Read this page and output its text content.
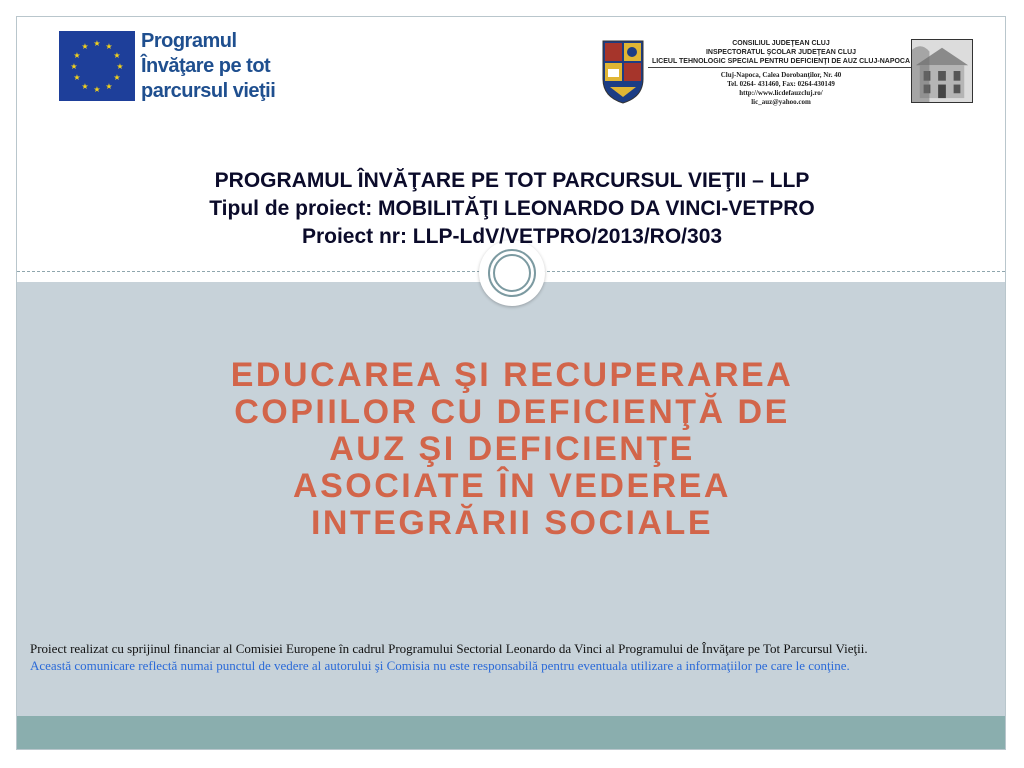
★ ★
★
★
★
★
★
★
★
★
★
★	Programul
Învăţare pe tot
parcursul vieţii
CONSILIUL JUDEŢEAN CLUJ
INSPECTORATUL ŞCOLAR JUDEŢEAN CLUJ
LICEUL TEHNOLOGIC SPECIAL PENTRU DEFICIENŢI DE AUZ CLUJ-NAPOCA
Cluj-Napoca, Calea Dorobanţilor, Nr. 40
Tel. 0264- 431460, Fax: 0264-430149
http://www.licdefauzcluj.ro/
lic_auz@yahoo.com
PROGRAMUL ÎNVĂŢARE PE TOT PARCURSUL VIEŢII – LLP
Tipul de proiect: MOBILITĂŢI LEONARDO DA VINCI-VETPRO
Proiect nr: LLP-LdV/VETPRO/2013/RO/303
EDUCAREA ŞI RECUPERAREA
COPIILOR CU DEFICIENŢĂ DE
AUZ ŞI DEFICIENŢE
ASOCIATE ÎN VEDEREA
INTEGRĂRII SOCIALE
Proiect realizat cu sprijinul financiar al Comisiei Europene în cadrul Programului Sectorial Leonardo da Vinci al Programului de Învăţare pe Tot Parcursul Vieţii.
Această comunicare reflectă numai punctul de vedere al autorului şi Comisia nu este responsabilă pentru eventuala utilizare a informaţiilor pe care le conţine.
